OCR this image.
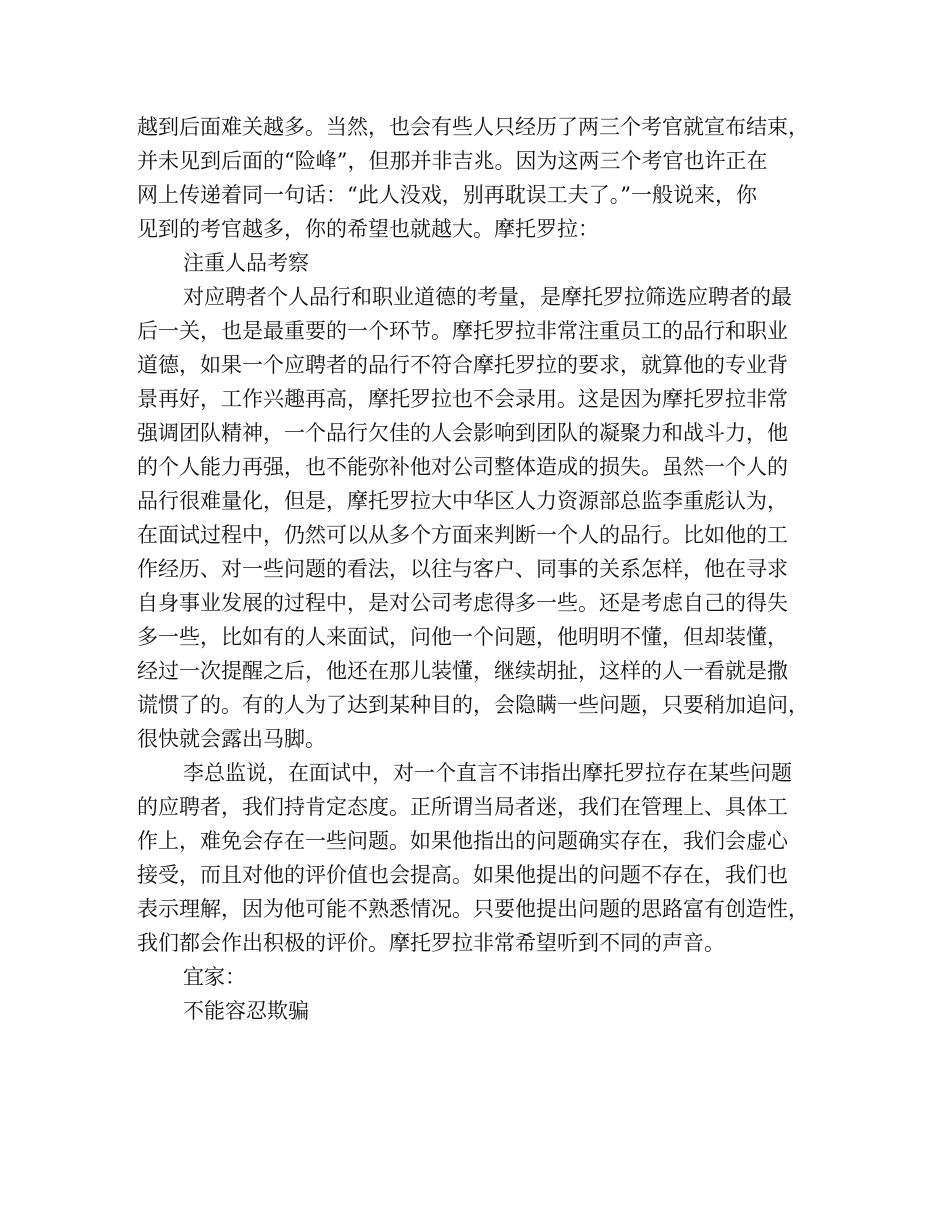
越到后面难关越多。当然，也会有些人只经历了两三个考官就宣布结束，
并未见到后面的“险峰”，但那并非吉兆。因为这两三个考官也许正在
网上传递着同一句话：“此人没戏，别再耽误工夫了。”一般说来，你
见到的考官越多，你的希望也就越大。摩托罗拉：
注重人品考察
对应聘者个人品行和职业道德的考量，是摩托罗拉筛选应聘者的最
后一关，也是最重要的一个环节。摩托罗拉非常注重员工的品行和职业
道德，如果一个应聘者的品行不符合摩托罗拉的要求，就算他的专业背
景再好，工作兴趣再高，摩托罗拉也不会录用。这是因为摩托罗拉非常
强调团队精神，一个品行欠佳的人会影响到团队的凝聚力和战斗力，他
的个人能力再强，也不能弥补他对公司整体造成的损失。虽然一个人的
品行很难量化，但是，摩托罗拉大中华区人力资源部总监李重彪认为，
在面试过程中，仍然可以从多个方面来判断一个人的品行。比如他的工
作经历、对一些问题的看法，以往与客户、同事的关系怎样，他在寻求
自身事业发展的过程中，是对公司考虑得多一些。还是考虑自己的得失
多一些，比如有的人来面试，问他一个问题，他明明不懂，但却装懂，
经过一次提醒之后，他还在那儿装懂，继续胡扯，这样的人一看就是撒
谎惯了的。有的人为了达到某种目的，会隐瞒一些问题，只要稍加追问，
很快就会露出马脚。
李总监说，在面试中，对一个直言不讳指出摩托罗拉存在某些问题
的应聘者，我们持肯定态度。正所谓当局者迷，我们在管理上、具体工
作上，难免会存在一些问题。如果他指出的问题确实存在，我们会虚心
接受，而且对他的评价值也会提高。如果他提出的问题不存在，我们也
表示理解，因为他可能不熟悉情况。只要他提出问题的思路富有创造性，
我们都会作出积极的评价。摩托罗拉非常希望听到不同的声音。
宜家：
不能容忍欺骗
